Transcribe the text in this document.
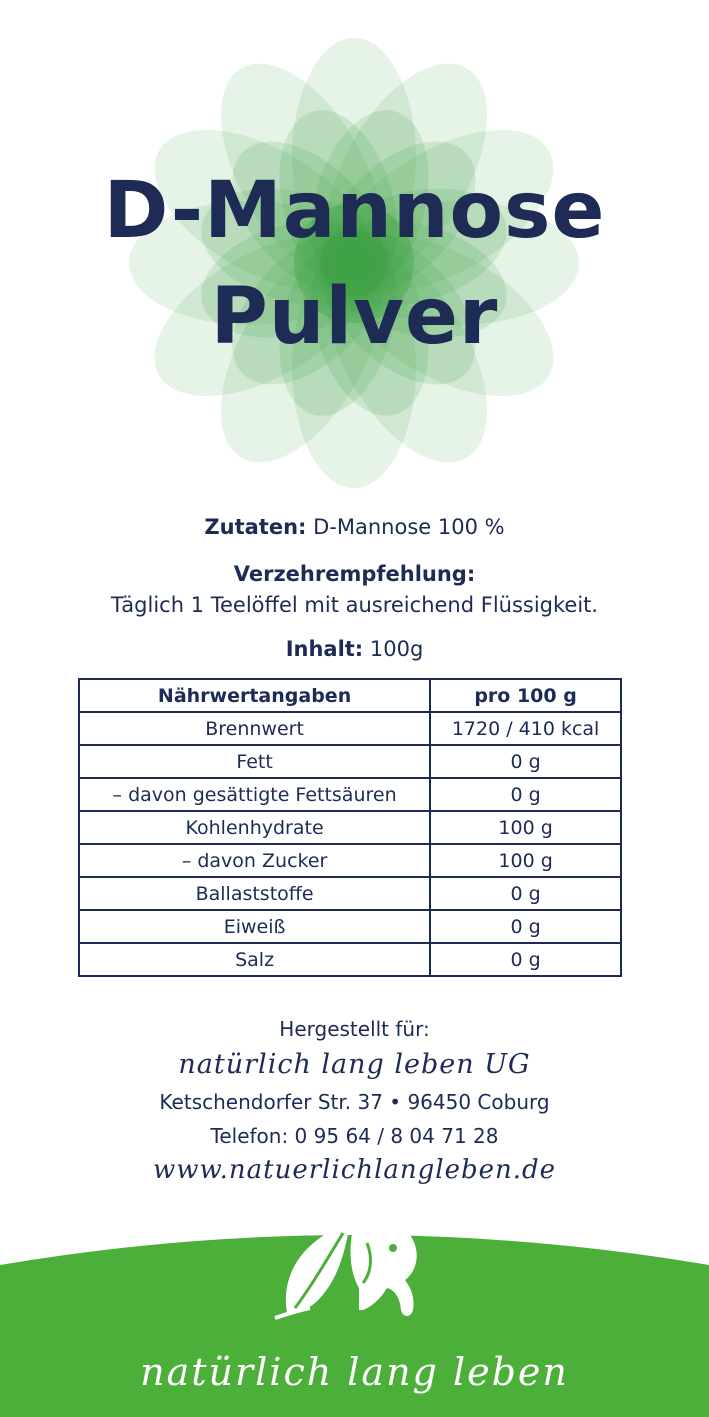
D-Mannose
Pulver
Zutaten: D-Mannose 100 %
Verzehrempfehlung:
Täglich 1 Teelöffel mit ausreichend Flüssigkeit.
Inhalt: 100g
Nährwertangaben	pro 100 g
Brennwert	1720 / 410 kcal
Fett	0 g
– davon gesättigte Fettsäuren	0 g
Kohlenhydrate	100 g
– davon Zucker	100 g
Ballaststoffe	0 g
Eiweiß	0 g
Salz	0 g
Hergestellt für:
natürlich lang leben UG
Ketschendorfer Str. 37 • 96450 Coburg
Telefon: 0 95 64 / 8 04 71 28
www.natuerlichlangleben.de
natürlich lang leben
